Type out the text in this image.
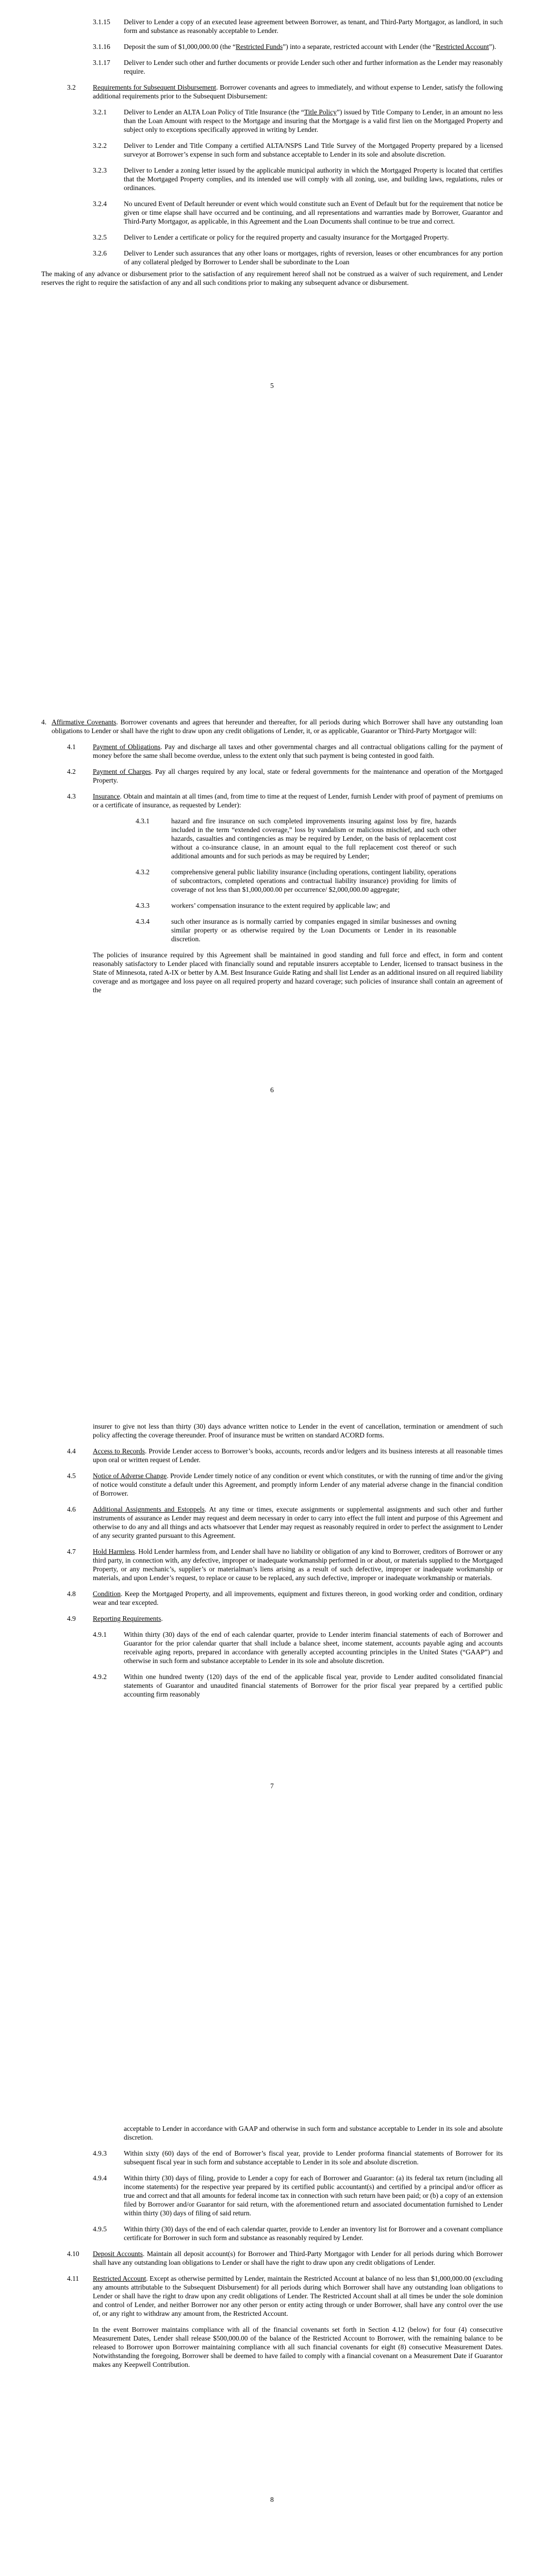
3.1.15 Deliver to Lender a copy of an executed lease agreement between Borrower, as tenant, and Third-Party Mortgagor, as landlord, in such form and substance as reasonably acceptable to Lender.
3.1.16 Deposit the sum of $1,000,000.00 (the “Restricted Funds”) into a separate, restricted account with Lender (the “Restricted Account”).
3.1.17 Deliver to Lender such other and further documents or provide Lender such other and further information as the Lender may reasonably require.
3.2 Requirements for Subsequent Disbursement. Borrower covenants and agrees to immediately, and without expense to Lender, satisfy the following additional requirements prior to the Subsequent Disbursement:
3.2.1 Deliver to Lender an ALTA Loan Policy of Title Insurance (the “Title Policy”) issued by Title Company to Lender, in an amount no less than the Loan Amount with respect to the Mortgage and insuring that the Mortgage is a valid first lien on the Mortgaged Property and subject only to exceptions specifically approved in writing by Lender.
3.2.2 Deliver to Lender and Title Company a certified ALTA/NSPS Land Title Survey of the Mortgaged Property prepared by a licensed surveyor at Borrower’s expense in such form and substance acceptable to Lender in its sole and absolute discretion.
3.2.3 Deliver to Lender a zoning letter issued by the applicable municipal authority in which the Mortgaged Property is located that certifies that the Mortgaged Property complies, and its intended use will comply with all zoning, use, and building laws, regulations, rules or ordinances.
3.2.4 No uncured Event of Default hereunder or event which would constitute such an Event of Default but for the requirement that notice be given or time elapse shall have occurred and be continuing, and all representations and warranties made by Borrower, Guarantor and Third-Party Mortgagor, as applicable, in this Agreement and the Loan Documents shall continue to be true and correct.
3.2.5 Deliver to Lender a certificate or policy for the required property and casualty insurance for the Mortgaged Property.
3.2.6 Deliver to Lender such assurances that any other loans or mortgages, rights of reversion, leases or other encumbrances for any portion of any collateral pledged by Borrower to Lender shall be subordinate to the Loan
The making of any advance or disbursement prior to the satisfaction of any requirement hereof shall not be construed as a waiver of such requirement, and Lender reserves the right to require the satisfaction of any and all such conditions prior to making any subsequent advance or disbursement.
5
4. Affirmative Covenants. Borrower covenants and agrees that hereunder and thereafter, for all periods during which Borrower shall have any outstanding loan obligations to Lender or shall have the right to draw upon any credit obligations of Lender, it, or as applicable, Guarantor or Third-Party Mortgagor will:
4.1 Payment of Obligations. Pay and discharge all taxes and other governmental charges and all contractual obligations calling for the payment of money before the same shall become overdue, unless to the extent only that such payment is being contested in good faith.
4.2 Payment of Charges. Pay all charges required by any local, state or federal governments for the maintenance and operation of the Mortgaged Property.
4.3 Insurance. Obtain and maintain at all times (and, from time to time at the request of Lender, furnish Lender with proof of payment of premiums on or a certificate of insurance, as requested by Lender):
4.3.1	hazard and fire insurance on such completed improvements insuring against loss by fire, hazards included in the term “extended coverage,” loss by vandalism or malicious mischief, and such other hazards, casualties and contingencies as may be required by Lender, on the basis of replacement cost without a co-insurance clause, in an amount equal to the full replacement cost thereof or such additional amounts and for such periods as may be required by Lender;
4.3.2	comprehensive general public liability insurance (including operations, contingent liability, operations of subcontractors, completed operations and contractual liability insurance) providing for limits of coverage of not less than $1,000,000.00 per occurrence/ $2,000,000.00 aggregate;
4.3.3	workers’ compensation insurance to the extent required by applicable law; and
4.3.4	such other insurance as is normally carried by companies engaged in similar businesses and owning similar property or as otherwise required by the Loan Documents or Lender in its reasonable discretion.
The policies of insurance required by this Agreement shall be maintained in good standing and full force and effect, in form and content reasonably satisfactory to Lender placed with financially sound and reputable insurers acceptable to Lender, licensed to transact business in the State of Minnesota, rated A-IX or better by A.M. Best Insurance Guide Rating and shall list Lender as an additional insured on all required liability coverage and as mortgagee and loss payee on all required property and hazard coverage; such policies of insurance shall contain an agreement of the
6
insurer to give not less than thirty (30) days advance written notice to Lender in the event of cancellation, termination or amendment of such policy affecting the coverage thereunder. Proof of insurance must be written on standard ACORD forms.
4.4 Access to Records. Provide Lender access to Borrower’s books, accounts, records and/or ledgers and its business interests at all reasonable times upon oral or written request of Lender.
4.5 Notice of Adverse Change. Provide Lender timely notice of any condition or event which constitutes, or with the running of time and/or the giving of notice would constitute a default under this Agreement, and promptly inform Lender of any material adverse change in the financial condition of Borrower.
4.6 Additional Assignments and Estoppels. At any time or times, execute assignments or supplemental assignments and such other and further instruments of assurance as Lender may request and deem necessary in order to carry into effect the full intent and purpose of this Agreement and otherwise to do any and all things and acts whatsoever that Lender may request as reasonably required in order to perfect the assignment to Lender of any security granted pursuant to this Agreement.
4.7 Hold Harmless. Hold Lender harmless from, and Lender shall have no liability or obligation of any kind to Borrower, creditors of Borrower or any third party, in connection with, any defective, improper or inadequate workmanship performed in or about, or materials supplied to the Mortgaged Property, or any mechanic’s, supplier’s or materialman’s liens arising as a result of such defective, improper or inadequate workmanship or materials, and upon Lender’s request, to replace or cause to be replaced, any such defective, improper or inadequate workmanship or materials.
4.8 Condition. Keep the Mortgaged Property, and all improvements, equipment and fixtures thereon, in good working order and condition, ordinary wear and tear excepted.
4.9 Reporting Requirements.
4.9.1 Within thirty (30) days of the end of each calendar quarter, provide to Lender interim financial statements of each of Borrower and Guarantor for the prior calendar quarter that shall include a balance sheet, income statement, accounts payable aging and accounts receivable aging reports, prepared in accordance with generally accepted accounting principles in the United States (“GAAP”) and otherwise in such form and substance acceptable to Lender in its sole and absolute discretion.
4.9.2 Within one hundred twenty (120) days of the end of the applicable fiscal year, provide to Lender audited consolidated financial statements of Guarantor and unaudited financial statements of Borrower for the prior fiscal year prepared by a certified public accounting firm reasonably
7
acceptable to Lender in accordance with GAAP and otherwise in such form and substance acceptable to Lender in its sole and absolute discretion.
4.9.3 Within sixty (60) days of the end of Borrower’s fiscal year, provide to Lender proforma financial statements of Borrower for its subsequent fiscal year in such form and substance acceptable to Lender in its sole and absolute discretion.
4.9.4 Within thirty (30) days of filing, provide to Lender a copy for each of Borrower and Guarantor: (a) its federal tax return (including all income statements) for the respective year prepared by its certified public accountant(s) and certified by a principal and/or officer as true and correct and that all amounts for federal income tax in connection with such return have been paid; or (b) a copy of an extension filed by Borrower and/or Guarantor for said return, with the aforementioned return and associated documentation furnished to Lender within thirty (30) days of filing of said return.
4.9.5 Within thirty (30) days of the end of each calendar quarter, provide to Lender an inventory list for Borrower and a covenant compliance certificate for Borrower in such form and substance as reasonably required by Lender.
4.10 Deposit Accounts. Maintain all deposit account(s) for Borrower and Third-Party Mortgagor with Lender for all periods during which Borrower shall have any outstanding loan obligations to Lender or shall have the right to draw upon any credit obligations of Lender.
4.11 Restricted Account. Except as otherwise permitted by Lender, maintain the Restricted Account at balance of no less than $1,000,000.00 (excluding any amounts attributable to the Subsequent Disbursement) for all periods during which Borrower shall have any outstanding loan obligations to Lender or shall have the right to draw upon any credit obligations of Lender. The Restricted Account shall at all times be under the sole dominion and control of Lender, and neither Borrower nor any other person or entity acting through or under Borrower, shall have any control over the use of, or any right to withdraw any amount from, the Restricted Account.
In the event Borrower maintains compliance with all of the financial covenants set forth in Section 4.12 (below) for four (4) consecutive Measurement Dates, Lender shall release $500,000.00 of the balance of the Restricted Account to Borrower, with the remaining balance to be released to Borrower upon Borrower maintaining compliance with all such financial covenants for eight (8) consecutive Measurement Dates. Notwithstanding the foregoing, Borrower shall be deemed to have failed to comply with a financial covenant on a Measurement Date if Guarantor makes any Keepwell Contribution.
8
